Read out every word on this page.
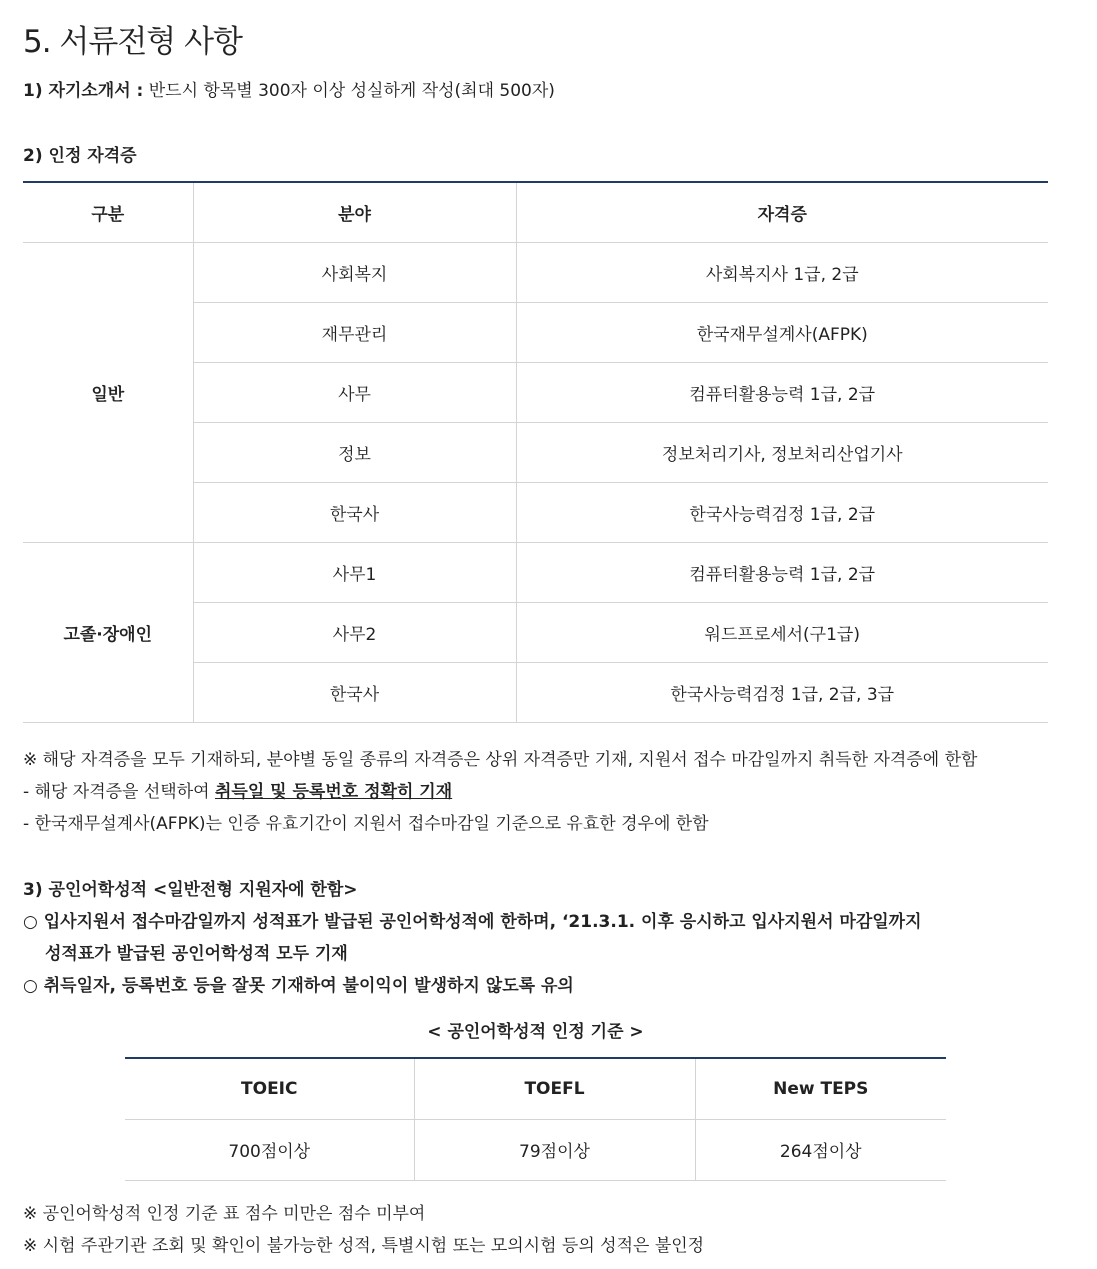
5. 서류전형 사항
1) 자기소개서 : 반드시 항목별 300자 이상 성실하게 작성(최대 500자)
2) 인정 자격증
구분	분야	자격증
일반	사회복지	사회복지사 1급, 2급
	재무관리	한국재무설계사(AFPK)
	사무	컴퓨터활용능력 1급, 2급
	정보	정보처리기사, 정보처리산업기사
	한국사	한국사능력검정 1급, 2급
고졸·장애인	사무1	컴퓨터활용능력 1급, 2급
	사무2	워드프로세서(구1급)
	한국사	한국사능력검정 1급, 2급, 3급
※ 해당 자격증을 모두 기재하되, 분야별 동일 종류의 자격증은 상위 자격증만 기재, 지원서 접수 마감일까지 취득한 자격증에 한함
- 해당 자격증을 선택하여 취득일 및 등록번호 정확히 기재
- 한국재무설계사(AFPK)는 인증 유효기간이 지원서 접수마감일 기준으로 유효한 경우에 한함
3) 공인어학성적 <일반전형 지원자에 한함>
○ 입사지원서 접수마감일까지 성적표가 발급된 공인어학성적에 한하며, ‘21.3.1. 이후 응시하고 입사지원서 마감일까지
성적표가 발급된 공인어학성적 모두 기재
○ 취득일자, 등록번호 등을 잘못 기재하여 불이익이 발생하지 않도록 유의
< 공인어학성적 인정 기준 >
TOEIC	TOEFL	New TEPS
700점이상	79점이상	264점이상
※ 공인어학성적 인정 기준 표 점수 미만은 점수 미부여
※ 시험 주관기관 조회 및 확인이 불가능한 성적, 특별시험 또는 모의시험 등의 성적은 불인정
